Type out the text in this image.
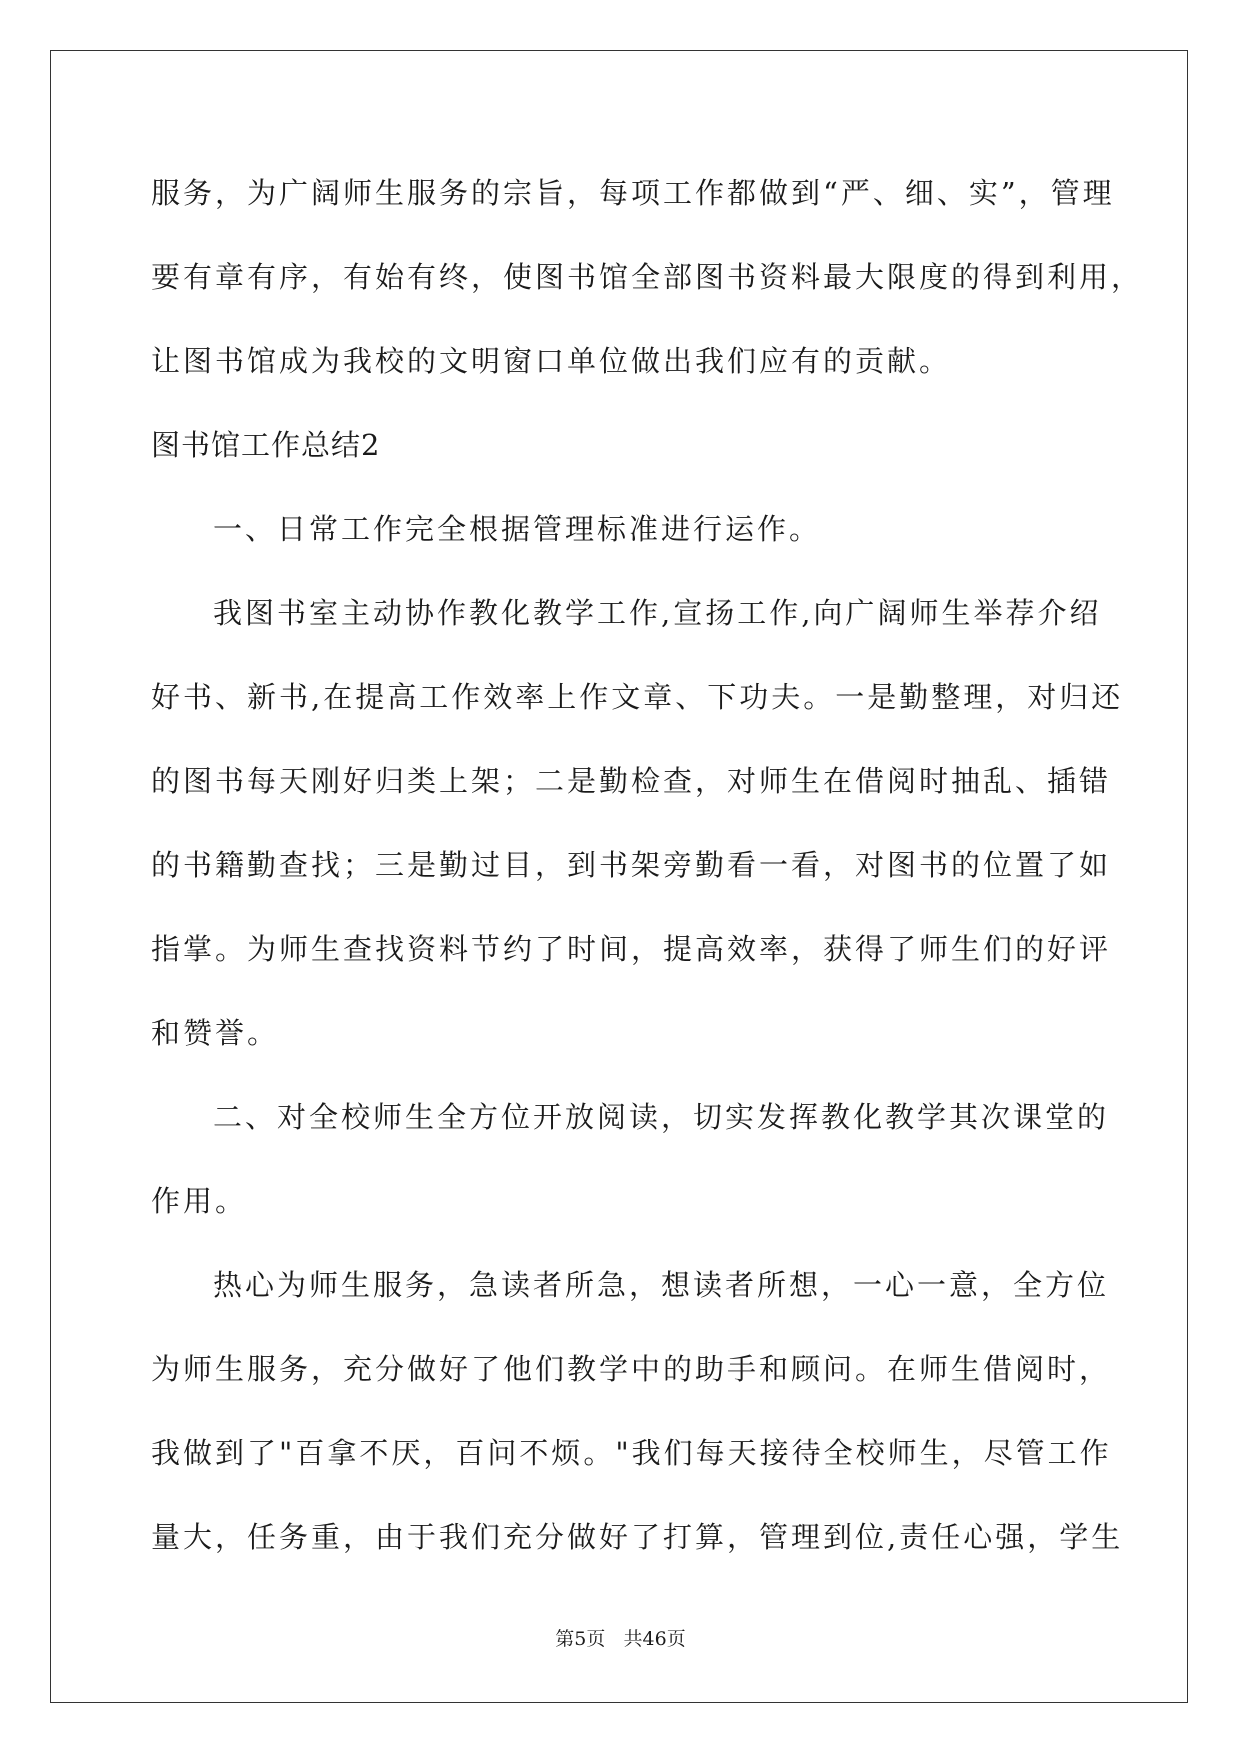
服务，为广阔师生服务的宗旨，每项工作都做到“严、细、实”，管理
要有章有序，有始有终，使图书馆全部图书资料最大限度的得到利用，
让图书馆成为我校的文明窗口单位做出我们应有的贡献。
图书馆工作总结2
一、日常工作完全根据管理标准进行运作。
我图书室主动协作教化教学工作,宣扬工作,向广阔师生举荐介绍
好书、新书,在提高工作效率上作文章、下功夫。一是勤整理，对归还
的图书每天刚好归类上架；二是勤检查，对师生在借阅时抽乱、插错
的书籍勤查找；三是勤过目，到书架旁勤看一看，对图书的位置了如
指掌。为师生查找资料节约了时间，提高效率，获得了师生们的好评
和赞誉。
二、对全校师生全方位开放阅读，切实发挥教化教学其次课堂的
作用。
热心为师生服务，急读者所急，想读者所想，一心一意，全方位
为师生服务，充分做好了他们教学中的助手和顾问。在师生借阅时，
我做到了"百拿不厌，百问不烦。"我们每天接待全校师生，尽管工作
量大，任务重，由于我们充分做好了打算，管理到位,责任心强，学生
第5页 共46页
